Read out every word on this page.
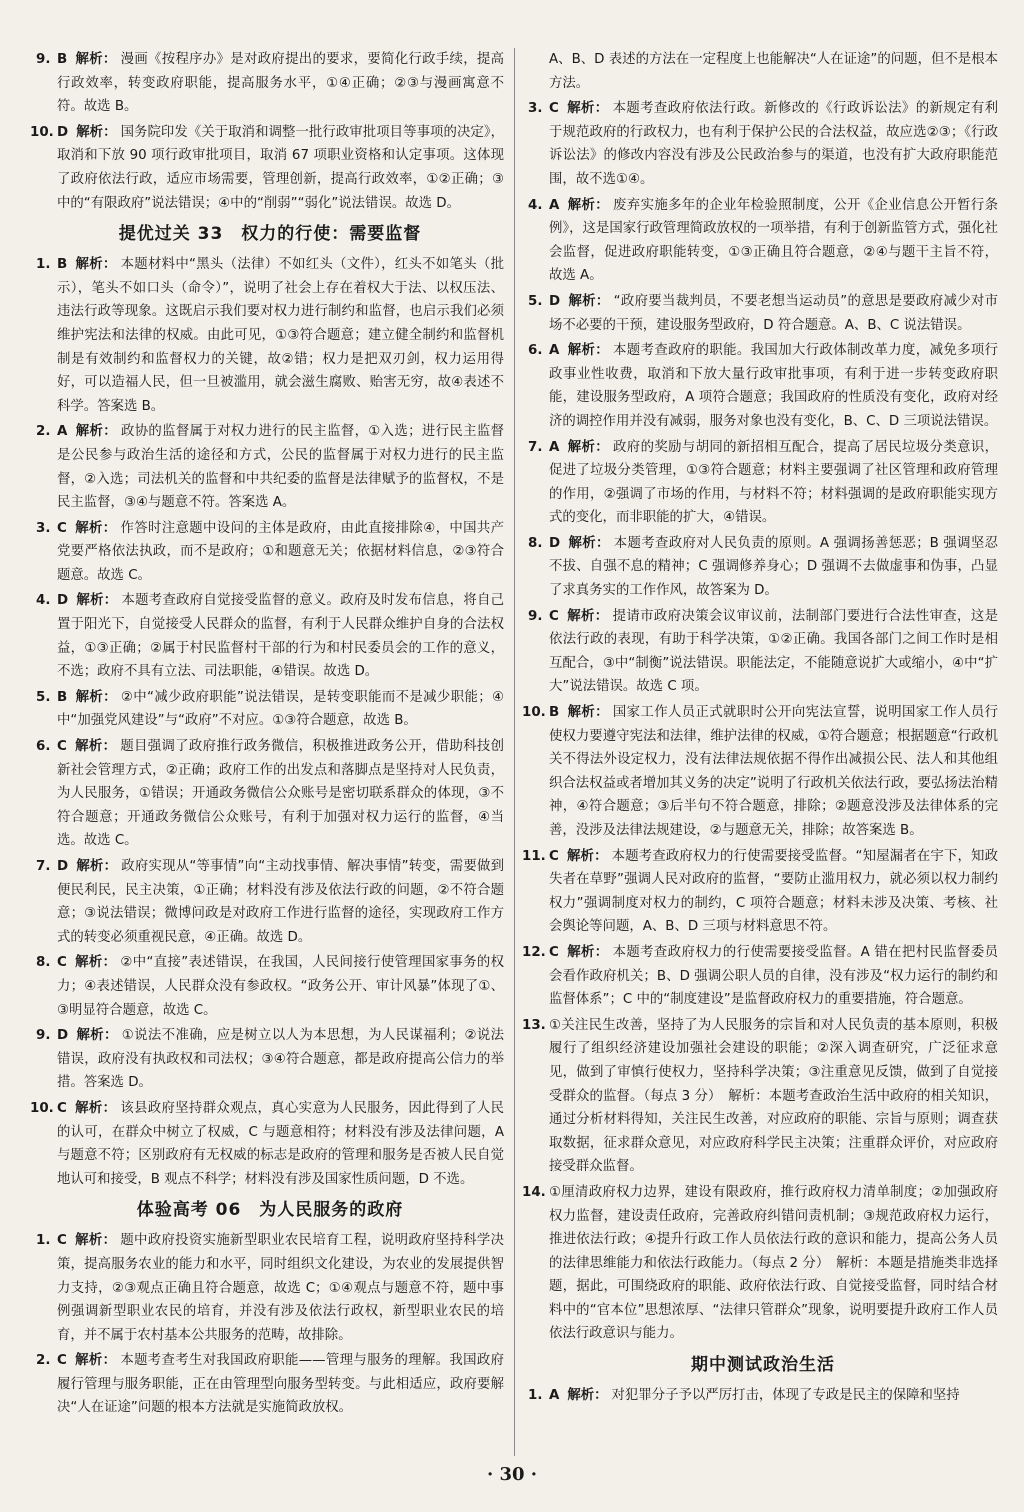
9. B 解析： 漫画《按程序办》是对政府提出的要求，要简化行政手续，提高行政效率，转变政府职能，提高服务水平，①④正确；②③与漫画寓意不符。故选 B。
10. D 解析： 国务院印发《关于取消和调整一批行政审批项目等事项的决定》，取消和下放 90 项行政审批项目，取消 67 项职业资格和认定事项。这体现了政府依法行政，适应市场需要，管理创新，提高行政效率，①②正确；③中的“有限政府”说法错误；④中的“削弱”“弱化”说法错误。故选 D。
提优过关 33　权力的行使：需要监督
1. B 解析： 本题材料中“黑头（法律）不如红头（文件），红头不如笔头（批示），笔头不如口头（命令）”，说明了社会上存在着权大于法、以权压法、违法行政等现象。这既启示我们要对权力进行制约和监督，也启示我们必须维护宪法和法律的权威。由此可见，①③符合题意；建立健全制约和监督机制是有效制约和监督权力的关键，故②错；权力是把双刃剑，权力运用得好，可以造福人民，但一旦被滥用，就会滋生腐败、贻害无穷，故④表述不科学。答案选 B。
2. A 解析： 政协的监督属于对权力进行的民主监督，①入选；进行民主监督是公民参与政治生活的途径和方式，公民的监督属于对权力进行的民主监督，②入选；司法机关的监督和中共纪委的监督是法律赋予的监督权，不是民主监督，③④与题意不符。答案选 A。
3. C 解析： 作答时注意题中设问的主体是政府，由此直接排除④，中国共产党要严格依法执政，而不是政府；①和题意无关；依据材料信息，②③符合题意。故选 C。
4. D 解析： 本题考查政府自觉接受监督的意义。政府及时发布信息，将自己置于阳光下，自觉接受人民群众的监督，有利于人民群众维护自身的合法权益，①③正确；②属于村民监督村干部的行为和村民委员会的工作的意义，不选；政府不具有立法、司法职能，④错误。故选 D。
5. B 解析： ②中“减少政府职能”说法错误，是转变职能而不是减少职能；④中“加强党风建设”与“政府”不对应。①③符合题意，故选 B。
6. C 解析： 题目强调了政府推行政务微信，积极推进政务公开，借助科技创新社会管理方式，②正确；政府工作的出发点和落脚点是坚持对人民负责，为人民服务，①错误；开通政务微信公众账号是密切联系群众的体现，③不符合题意；开通政务微信公众账号，有利于加强对权力运行的监督，④当选。故选 C。
7. D 解析： 政府实现从“等事情”向“主动找事情、解决事情”转变，需要做到便民利民，民主决策，①正确；材料没有涉及依法行政的问题，②不符合题意；③说法错误；微博问政是对政府工作进行监督的途径，实现政府工作方式的转变必须重视民意，④正确。故选 D。
8. C 解析： ②中“直接”表述错误，在我国，人民间接行使管理国家事务的权力；④表述错误，人民群众没有参政权。“政务公开、审计风暴”体现了①、③明显符合题意，故选 C。
9. D 解析： ①说法不准确，应是树立以人为本思想，为人民谋福利；②说法错误，政府没有执政权和司法权；③④符合题意，都是政府提高公信力的举措。答案选 D。
10. C 解析： 该县政府坚持群众观点，真心实意为人民服务，因此得到了人民的认可，在群众中树立了权威，C 与题意相符；材料没有涉及法律问题，A 与题意不符；区别政府有无权威的标志是政府的管理和服务是否被人民自觉地认可和接受，B 观点不科学；材料没有涉及国家性质问题，D 不选。
体验高考 06　为人民服务的政府
1. C 解析： 题中政府投资实施新型职业农民培育工程，说明政府坚持科学决策，提高服务农业的能力和水平，同时组织文化建设，为农业的发展提供智力支持，②③观点正确且符合题意，故选 C；①④观点与题意不符，题中事例强调新型职业农民的培育，并没有涉及依法行政权，新型职业农民的培育，并不属于农村基本公共服务的范畴，故排除。
2. C 解析： 本题考查考生对我国政府职能——管理与服务的理解。我国政府履行管理与服务职能，正在由管理型向服务型转变。与此相适应，政府要解决“人在证途”问题的根本方法就是实施简政放权。
A、B、D 表述的方法在一定程度上也能解决“人在证途”的问题，但不是根本方法。
3. C 解析： 本题考查政府依法行政。新修改的《行政诉讼法》的新规定有利于规范政府的行政权力，也有利于保护公民的合法权益，故应选②③；《行政诉讼法》的修改内容没有涉及公民政治参与的渠道，也没有扩大政府职能范围，故不选①④。
4. A 解析： 废弃实施多年的企业年检验照制度，公开《企业信息公开暂行条例》，这是国家行政管理简政放权的一项举措，有利于创新监管方式，强化社会监督，促进政府职能转变，①③正确且符合题意，②④与题干主旨不符，故选 A。
5. D 解析： “政府要当裁判员，不要老想当运动员”的意思是要政府减少对市场不必要的干预，建设服务型政府，D 符合题意。A、B、C 说法错误。
6. A 解析： 本题考查政府的职能。我国加大行政体制改革力度，减免多项行政事业性收费，取消和下放大量行政审批事项，有利于进一步转变政府职能，建设服务型政府，A 项符合题意；我国政府的性质没有变化，政府对经济的调控作用并没有减弱，服务对象也没有变化，B、C、D 三项说法错误。
7. A 解析： 政府的奖励与胡同的新招相互配合，提高了居民垃圾分类意识，促进了垃圾分类管理，①③符合题意；材料主要强调了社区管理和政府管理的作用，②强调了市场的作用，与材料不符；材料强调的是政府职能实现方式的变化，而非职能的扩大，④错误。
8. D 解析： 本题考查政府对人民负责的原则。A 强调扬善惩恶；B 强调坚忍不拔、自强不息的精神；C 强调修养身心；D 强调不去做虚事和伪事，凸显了求真务实的工作作风，故答案为 D。
9. C 解析： 提请市政府决策会议审议前，法制部门要进行合法性审查，这是依法行政的表现，有助于科学决策，①②正确。我国各部门之间工作时是相互配合，③中“制衡”说法错误。职能法定，不能随意说扩大或缩小，④中“扩大”说法错误。故选 C 项。
10. B 解析： 国家工作人员正式就职时公开向宪法宣誓，说明国家工作人员行使权力要遵守宪法和法律，维护法律的权威，①符合题意；根据题意“行政机关不得法外设定权力，没有法律法规依据不得作出减损公民、法人和其他组织合法权益或者增加其义务的决定”说明了行政机关依法行政，要弘扬法治精神，④符合题意；③后半句不符合题意，排除；②题意没涉及法律体系的完善，没涉及法律法规建设，②与题意无关，排除；故答案选 B。
11. C 解析： 本题考查政府权力的行使需要接受监督。“知屋漏者在宇下，知政失者在草野”强调人民对政府的监督，“要防止滥用权力，就必须以权力制约权力”强调制度对权力的制约，C 项符合题意；材料未涉及决策、考核、社会舆论等问题，A、B、D 三项与材料意思不符。
12. C 解析： 本题考查政府权力的行使需要接受监督。A 错在把村民监督委员会看作政府机关；B、D 强调公职人员的自律，没有涉及“权力运行的制约和监督体系”；C 中的“制度建设”是监督政府权力的重要措施，符合题意。
13. ①关注民生改善，坚持了为人民服务的宗旨和对人民负责的基本原则，积极履行了组织经济建设加强社会建设的职能；②深入调查研究，广泛征求意见，做到了审慎行使权力，坚持科学决策；③注重意见反馈，做到了自觉接受群众的监督。（每点 3 分）　解析：本题考查政治生活中政府的相关知识，通过分析材料得知，关注民生改善，对应政府的职能、宗旨与原则；调查获取数据，征求群众意见，对应政府科学民主决策；注重群众评价，对应政府接受群众监督。
14. ①厘清政府权力边界，建设有限政府，推行政府权力清单制度；②加强政府权力监督，建设责任政府，完善政府纠错问责机制；③规范政府权力运行，推进依法行政；④提升行政工作人员依法行政的意识和能力，提高公务人员的法律思维能力和依法行政能力。（每点 2 分）　解析：本题是措施类非选择题，据此，可围绕政府的职能、政府依法行政、自觉接受监督，同时结合材料中的“官本位”思想浓厚、“法律只管群众”现象，说明要提升政府工作人员依法行政意识与能力。
期中测试政治生活
1. A 解析： 对犯罪分子予以严厉打击，体现了专政是民主的保障和坚持
· 30 ·
